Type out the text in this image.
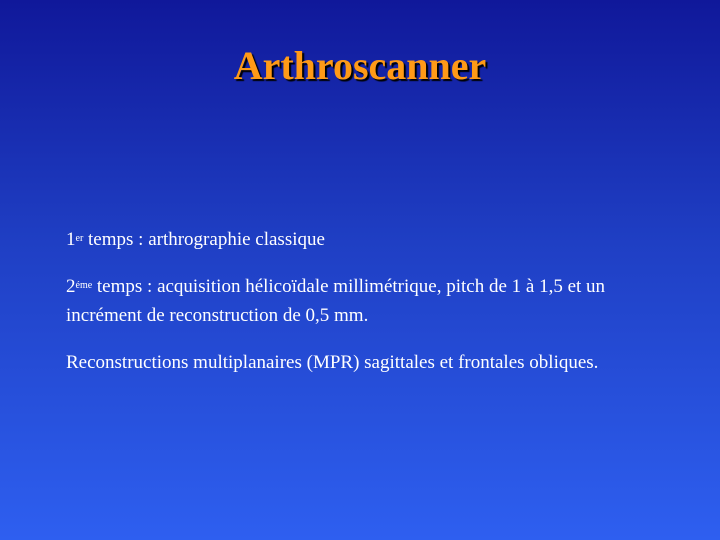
Arthroscanner

1er temps : arthrographie classique

$2^{éme}$ temps : acquisition hélicoïdale millimétrique, pitch de 1 à 1,5 et un incrément de reconstruction de 0,5 mm.

Reconstructions multiplanaires (MPR) sagittales et frontales obliques.
